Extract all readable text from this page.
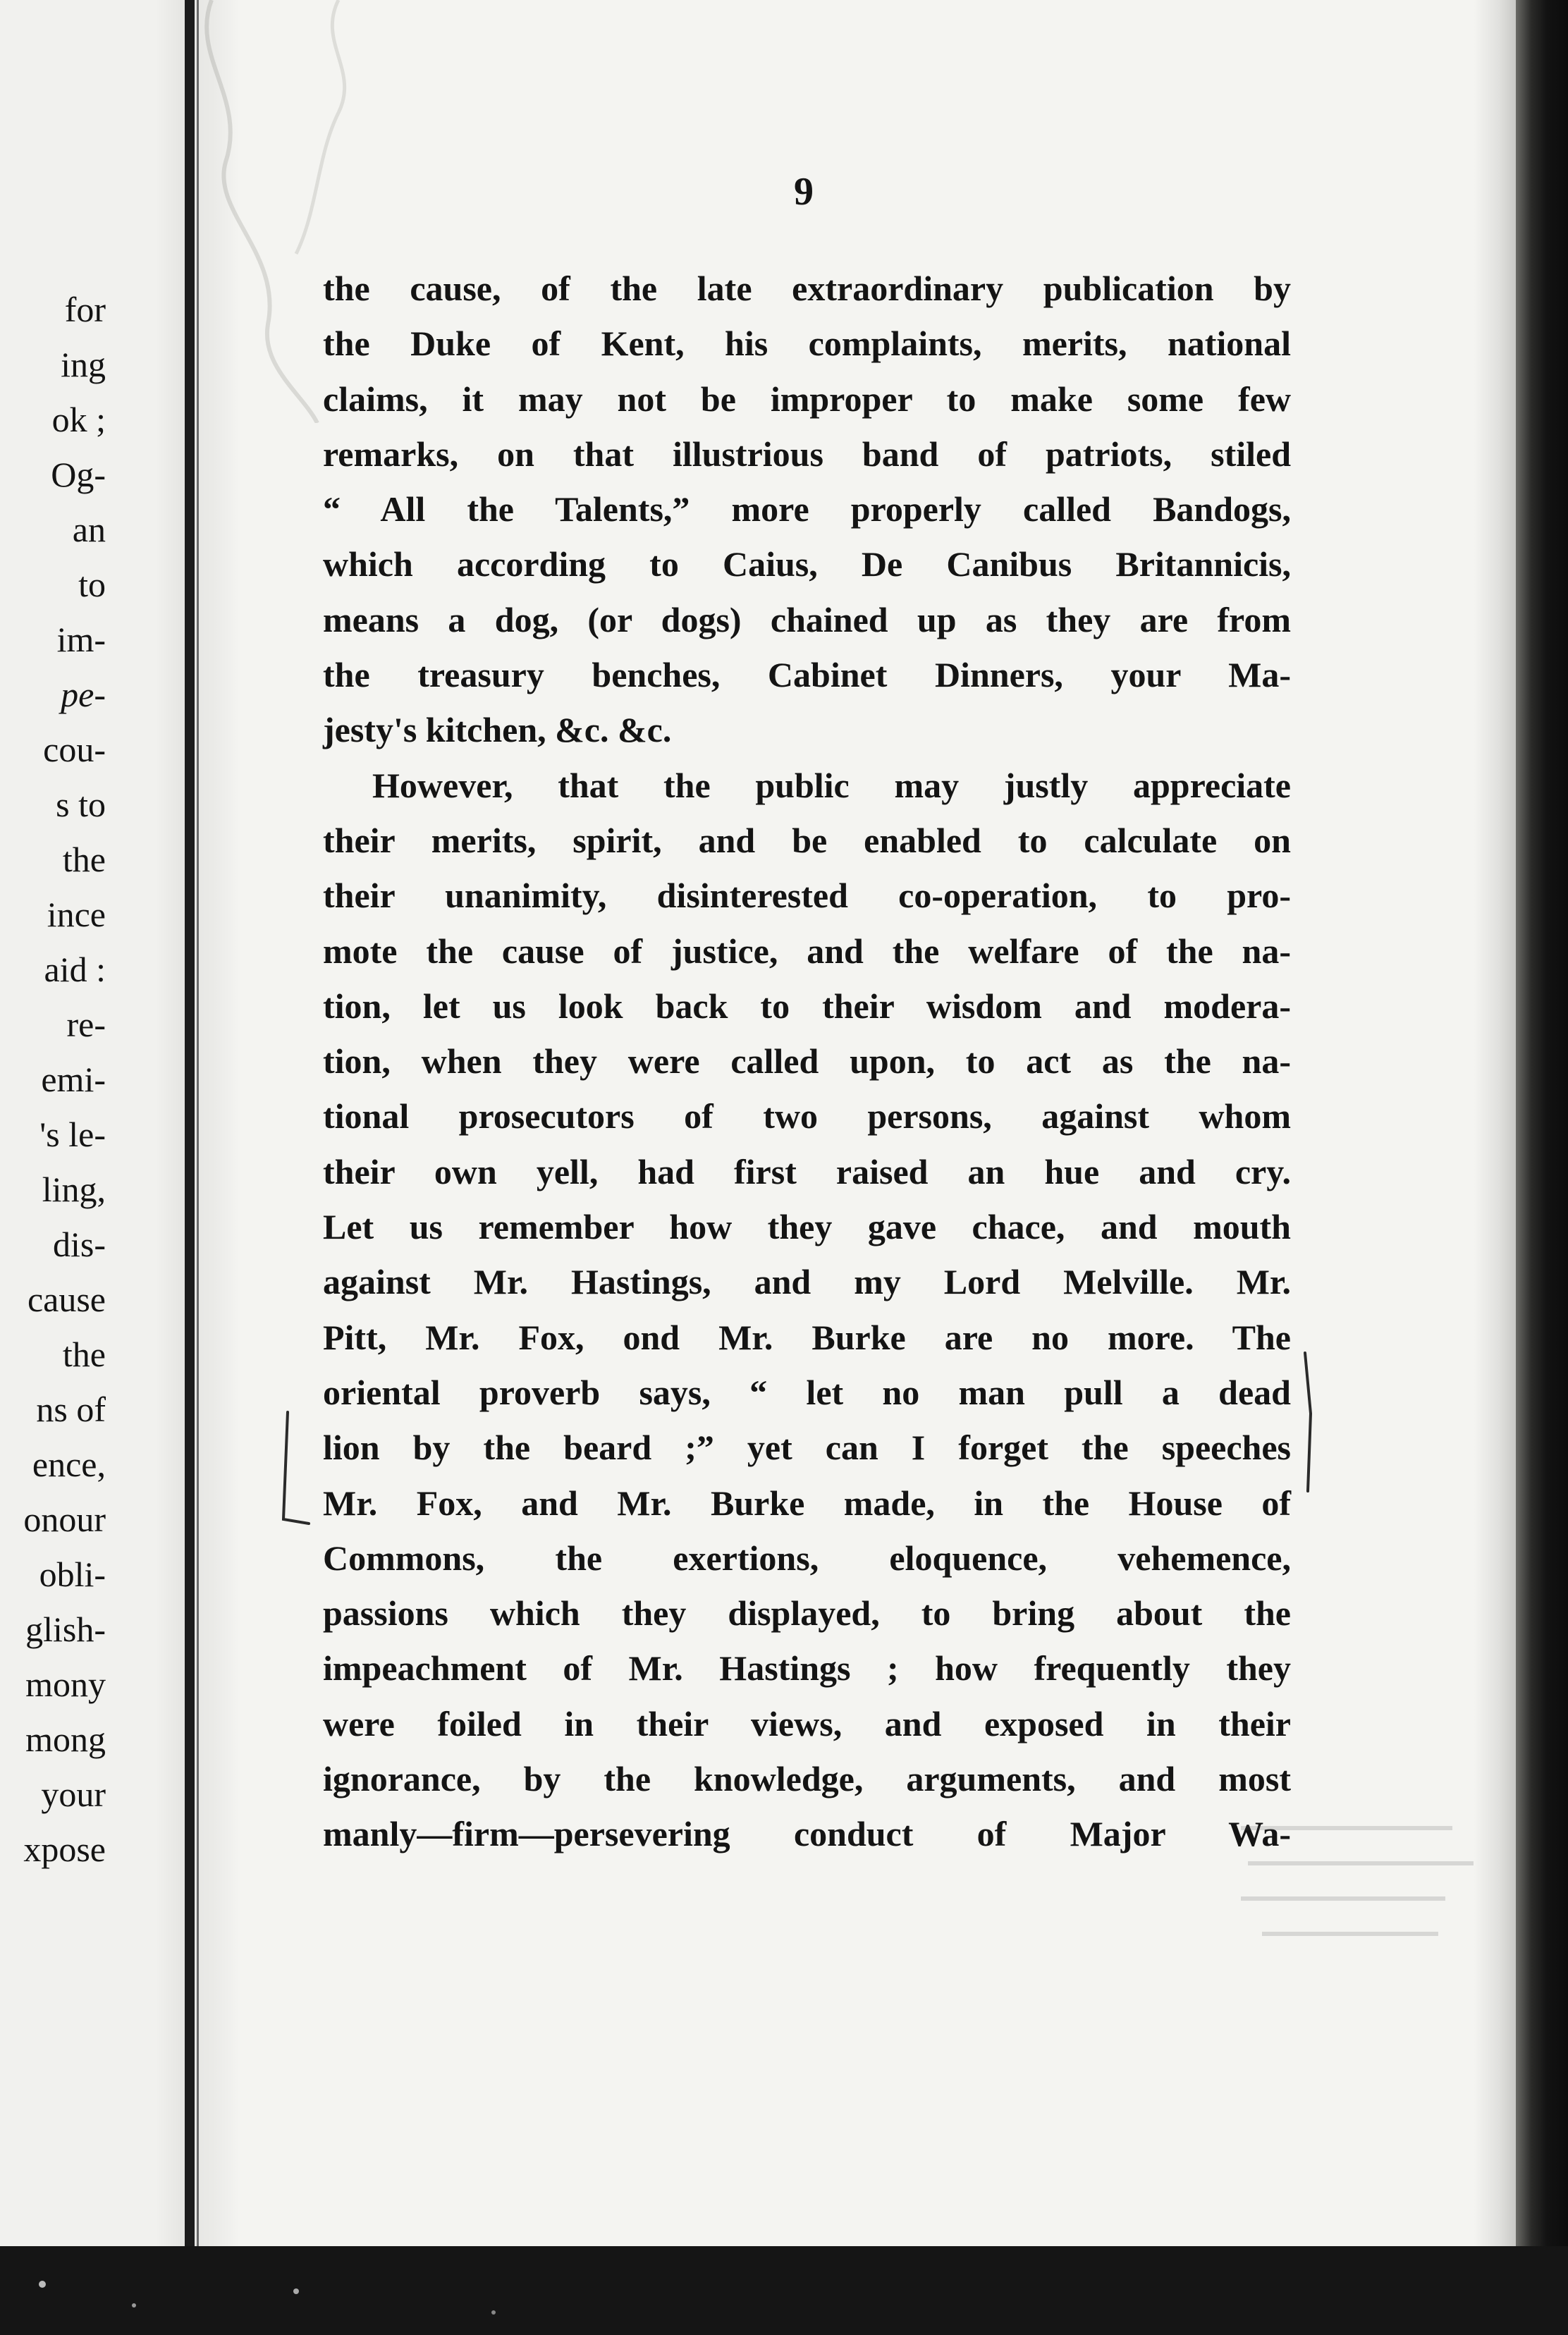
for
ing
ok ;
Og-
an
to
im-
pe-
cou-
s to
the
ince
aid :
re-
emi-
's le-
ling,
dis-
cause
the
ns of
ence,
onour
obli-
glish-
mony
mong
your
xpose
9
the cause, of the late extraordinary publication by
the Duke of Kent, his complaints, merits, national
claims, it may not be improper to make some few
remarks, on that illustrious band of patriots, stiled
“ All the Talents,” more properly called Bandogs,
which according to Caius, De Canibus Britannicis,
means a dog, (or dogs) chained up as they are from
the treasury benches, Cabinet Dinners, your Ma-
jesty's kitchen, &c. &c.
However, that the public may justly appreciate
their merits, spirit, and be enabled to calculate on
their unanimity, disinterested co-operation, to pro-
mote the cause of justice, and the welfare of the na-
tion, let us look back to their wisdom and modera-
tion, when they were called upon, to act as the na-
tional prosecutors of two persons, against whom
their own yell, had first raised an hue and cry.
Let us remember how they gave chace, and mouth
against Mr. Hastings, and my Lord Melville. Mr.
Pitt, Mr. Fox, ond Mr. Burke are no more. The
oriental proverb says, “ let no man pull a dead
lion by the beard ;” yet can I forget the speeches
Mr. Fox, and Mr. Burke made, in the House of
Commons, the exertions, eloquence, vehemence,
passions which they displayed, to bring about the
impeachment of Mr. Hastings ; how frequently they
were foiled in their views, and exposed in their
ignorance, by the knowledge, arguments, and most
manly—firm—persevering conduct of Major Wa-
